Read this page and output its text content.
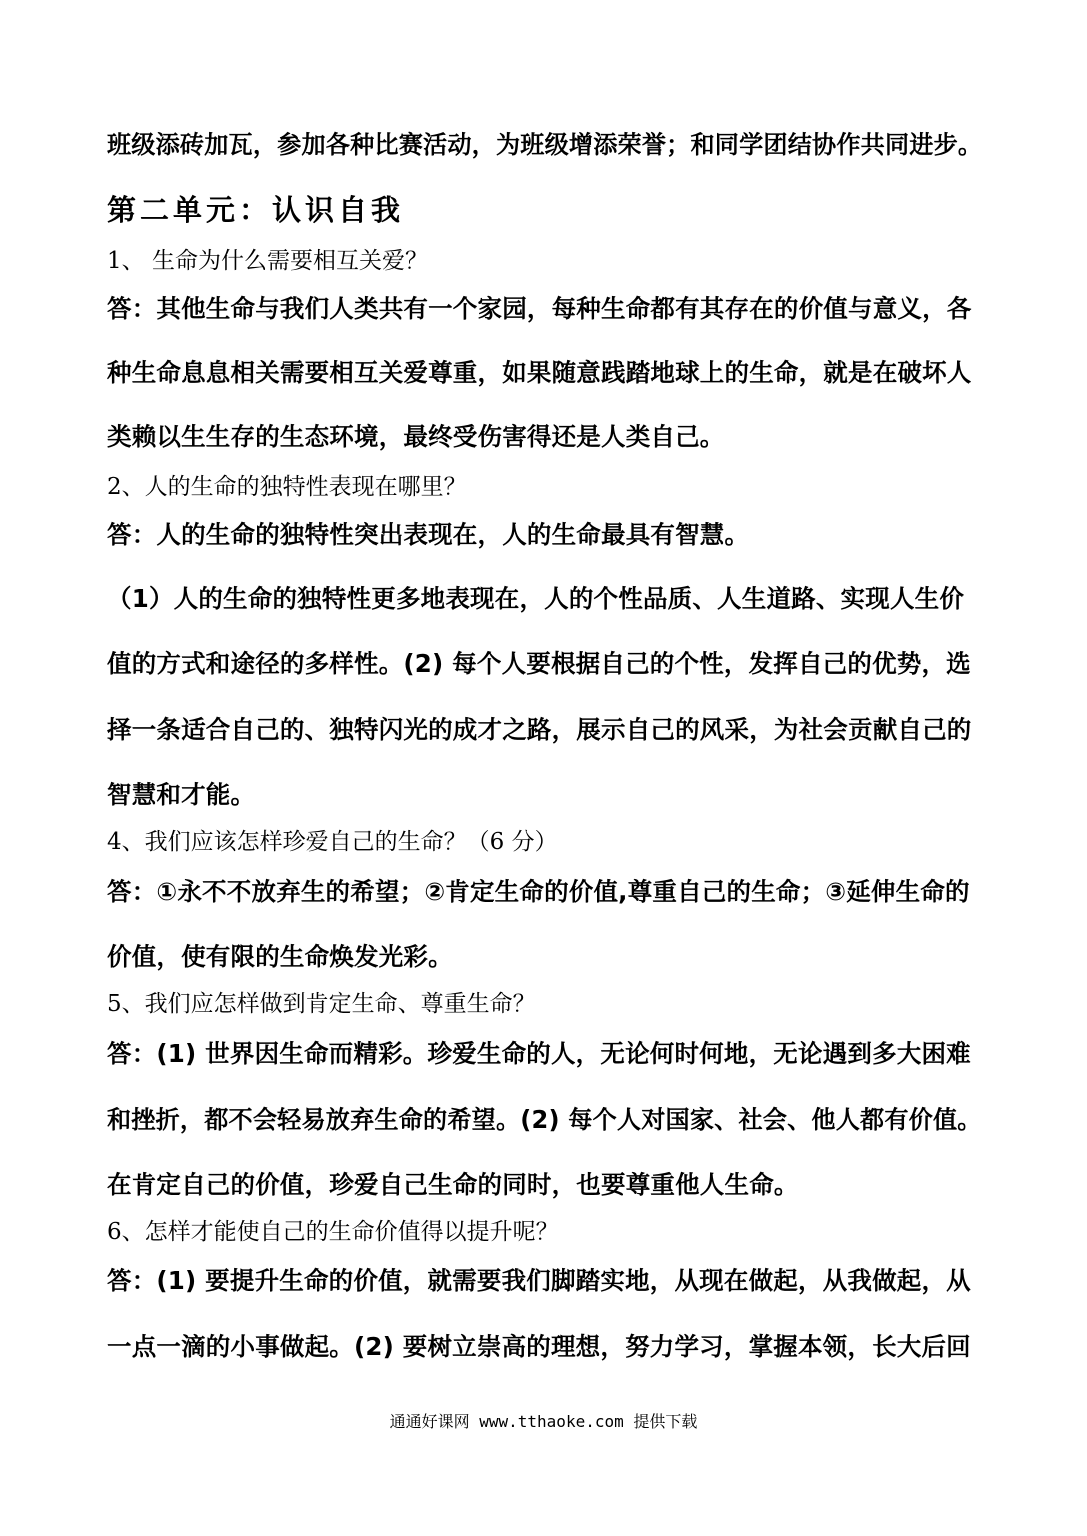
班级添砖加瓦，参加各种比赛活动，为班级增添荣誉；和同学团结协作共同进步。
第二单元：认识自我
1、 生命为什么需要相互关爱？
答：其他生命与我们人类共有一个家园，每种生命都有其存在的价值与意义，各
种生命息息相关需要相互关爱尊重，如果随意践踏地球上的生命，就是在破坏人
类赖以生生存的生态环境，最终受伤害得还是人类自己。
2、人的生命的独特性表现在哪里？
答：人的生命的独特性突出表现在，人的生命最具有智慧。
（1）人的生命的独特性更多地表现在，人的个性品质、人生道路、实现人生价
值的方式和途径的多样性。(2) 每个人要根据自己的个性，发挥自己的优势，选
择一条适合自己的、独特闪光的成才之路，展示自己的风采，为社会贡献自己的
智慧和才能。
4、我们应该怎样珍爱自己的生命？（6 分）
答：①永不不放弃生的希望；②肯定生命的价值,尊重自己的生命；③延伸生命的
价值，使有限的生命焕发光彩。
5、我们应怎样做到肯定生命、尊重生命？
答：(1) 世界因生命而精彩。珍爱生命的人，无论何时何地，无论遇到多大困难
和挫折，都不会轻易放弃生命的希望。(2) 每个人对国家、社会、他人都有价值。
在肯定自己的价值，珍爱自己生命的同时，也要尊重他人生命。
6、怎样才能使自己的生命价值得以提升呢？
答：(1) 要提升生命的价值，就需要我们脚踏实地，从现在做起，从我做起，从
一点一滴的小事做起。(2) 要树立崇高的理想，努力学习，掌握本领，长大后回
通通好课网 www.tthaoke.com 提供下载
